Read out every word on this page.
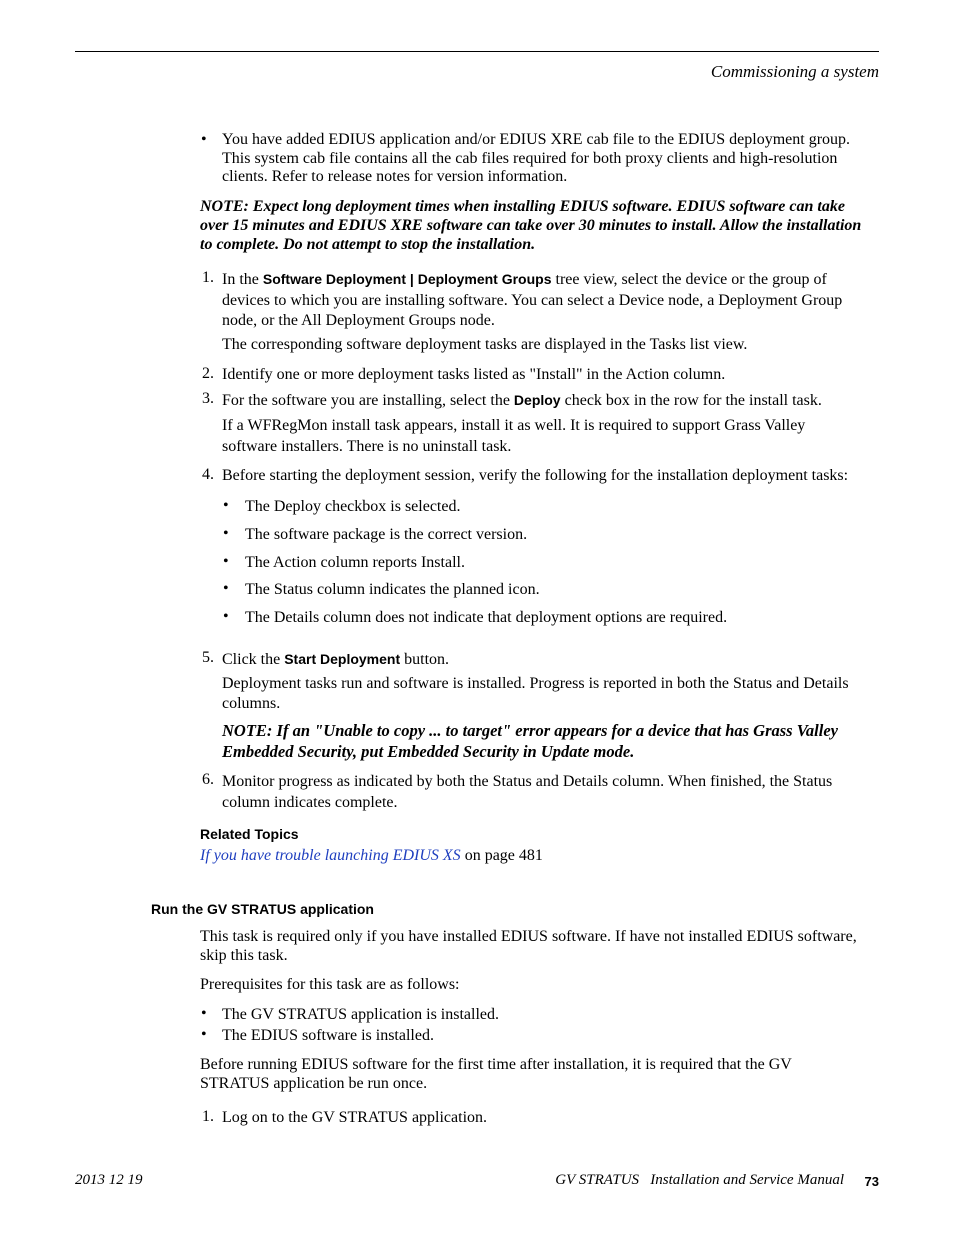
Commissioning a system
• You have added EDIUS application and/or EDIUS XRE cab file to the EDIUS deployment group. This system cab file contains all the cab files required for both proxy clients and high-resolution clients. Refer to release notes for version information.

NOTE: Expect long deployment times when installing EDIUS software. EDIUS software can take over 15 minutes and EDIUS XRE software can take over 30 minutes to install. Allow the installation to complete. Do not attempt to stop the installation.

1. In the Software Deployment | Deployment Groups tree view, select the device or the group of devices to which you are installing software. You can select a Device node, a Deployment Group node, or the All Deployment Groups node.

The corresponding software deployment tasks are displayed in the Tasks list view.

2. Identify one or more deployment tasks listed as "Install" in the Action column.

3. For the software you are installing, select the Deploy check box in the row for the install task.

If a WFRegMon install task appears, install it as well. It is required to support Grass Valley software installers. There is no uninstall task.

4. Before starting the deployment session, verify the following for the installation deployment tasks:

• The Deploy checkbox is selected.

• The software package is the correct version.

• The Action column reports Install.

• The Status column indicates the planned icon.

• The Details column does not indicate that deployment options are required.

5. Click the Start Deployment button.

Deployment tasks run and software is installed. Progress is reported in both the Status and Details columns.

NOTE: If an "Unable to copy ... to target" error appears for a device that has Grass Valley Embedded Security, put Embedded Security in Update mode.

6. Monitor progress as indicated by both the Status and Details column. When finished, the Status column indicates complete.

Related Topics

If you have trouble launching EDIUS XS on page 481

Run the GV STRATUS application

This task is required only if you have installed EDIUS software. If have not installed EDIUS software, skip this task.

Prerequisites for this task are as follows:

• The GV STRATUS application is installed.

• The EDIUS software is installed.

Before running EDIUS software for the first time after installation, it is required that the GV STRATUS application be run once.

1. Log on to the GV STRATUS application.

2013 12 19	GV STRATUS   Installation and Service Manual 73
